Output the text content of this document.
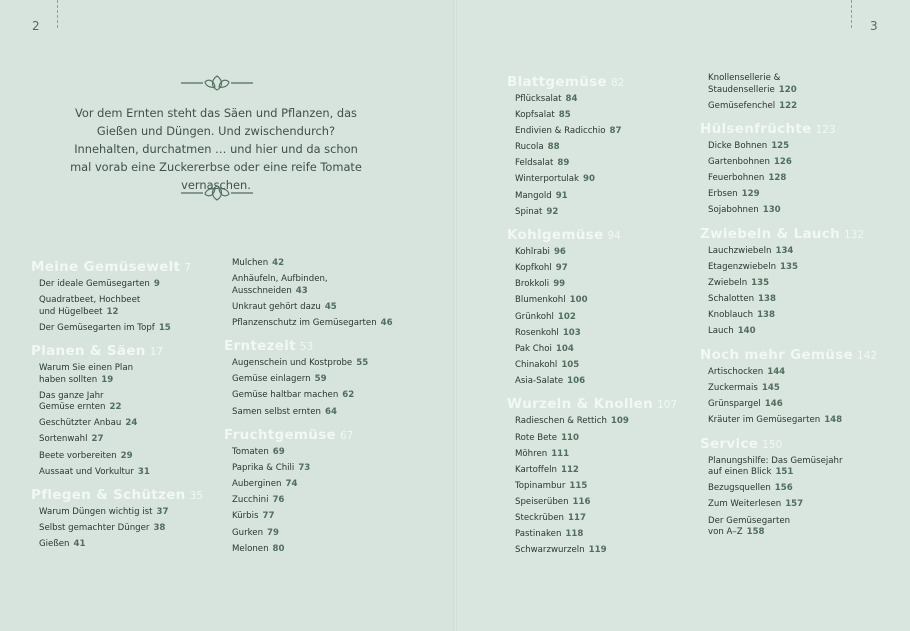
2	3
Vor dem Ernten steht das Säen und Pflanzen, das Gießen und Düngen. Und zwischendurch? Innehalten, durchatmen … und hier und da schon mal vorab eine Zuckererbse oder eine reife Tomate vernaschen.
Meine Gemüsewelt 7
Der ideale Gemüsegarten 9
Quadratbeet, Hochbeet
und Hügelbeet 12
Der Gemüsegarten im Topf 15
Planen & Säen 17
Warum Sie einen Plan
haben sollten 19
Das ganze Jahr
Gemüse ernten 22
Geschützter Anbau 24
Sortenwahl 27
Beete vorbereiten 29
Aussaat und Vorkultur 31
Pflegen & Schützen 35
Warum Düngen wichtig ist 37
Selbst gemachter Dünger 38
Gießen 41
Mulchen 42
Anhäufeln, Aufbinden,
Ausschneiden 43
Unkraut gehört dazu 45
Pflanzenschutz im Gemüsegarten 46
Erntezeit 53
Augenschein und Kostprobe 55
Gemüse einlagern 59
Gemüse haltbar machen 62
Samen selbst ernten 64
Fruchtgemüse 67
Tomaten 69
Paprika & Chili 73
Auberginen 74
Zucchini 76
Kürbis 77
Gurken 79
Melonen 80
Blattgemüse 82
Pflücksalat 84
Kopfsalat 85
Endivien & Radicchio 87
Rucola 88
Feldsalat 89
Winterportulak 90
Mangold 91
Spinat 92
Kohlgemüse 94
Kohlrabi 96
Kopfkohl 97
Brokkoli 99
Blumenkohl 100
Grünkohl 102
Rosenkohl 103
Pak Choi 104
Chinakohl 105
Asia-Salate 106
Wurzeln & Knollen 107
Radieschen & Rettich 109
Rote Bete 110
Möhren 111
Kartoffeln 112
Topinambur 115
Speiserüben 116
Steckrüben 117
Pastinaken 118
Schwarzwurzeln 119
Knollensellerie &
Staudensellerie 120
Gemüsefenchel 122
Hülsenfrüchte 123
Dicke Bohnen 125
Gartenbohnen 126
Feuerbohnen 128
Erbsen 129
Sojabohnen 130
Zwiebeln & Lauch 132
Lauchzwiebeln 134
Etagenzwiebeln 135
Zwiebeln 135
Schalotten 138
Knoblauch 138
Lauch 140
Noch mehr Gemüse 142
Artischocken 144
Zuckermais 145
Grünspargel 146
Kräuter im Gemüsegarten 148
Service 150
Planungshilfe: Das Gemüsejahr
auf einen Blick 151
Bezugsquellen 156
Zum Weiterlesen 157
Der Gemüsegarten
von A–Z 158
